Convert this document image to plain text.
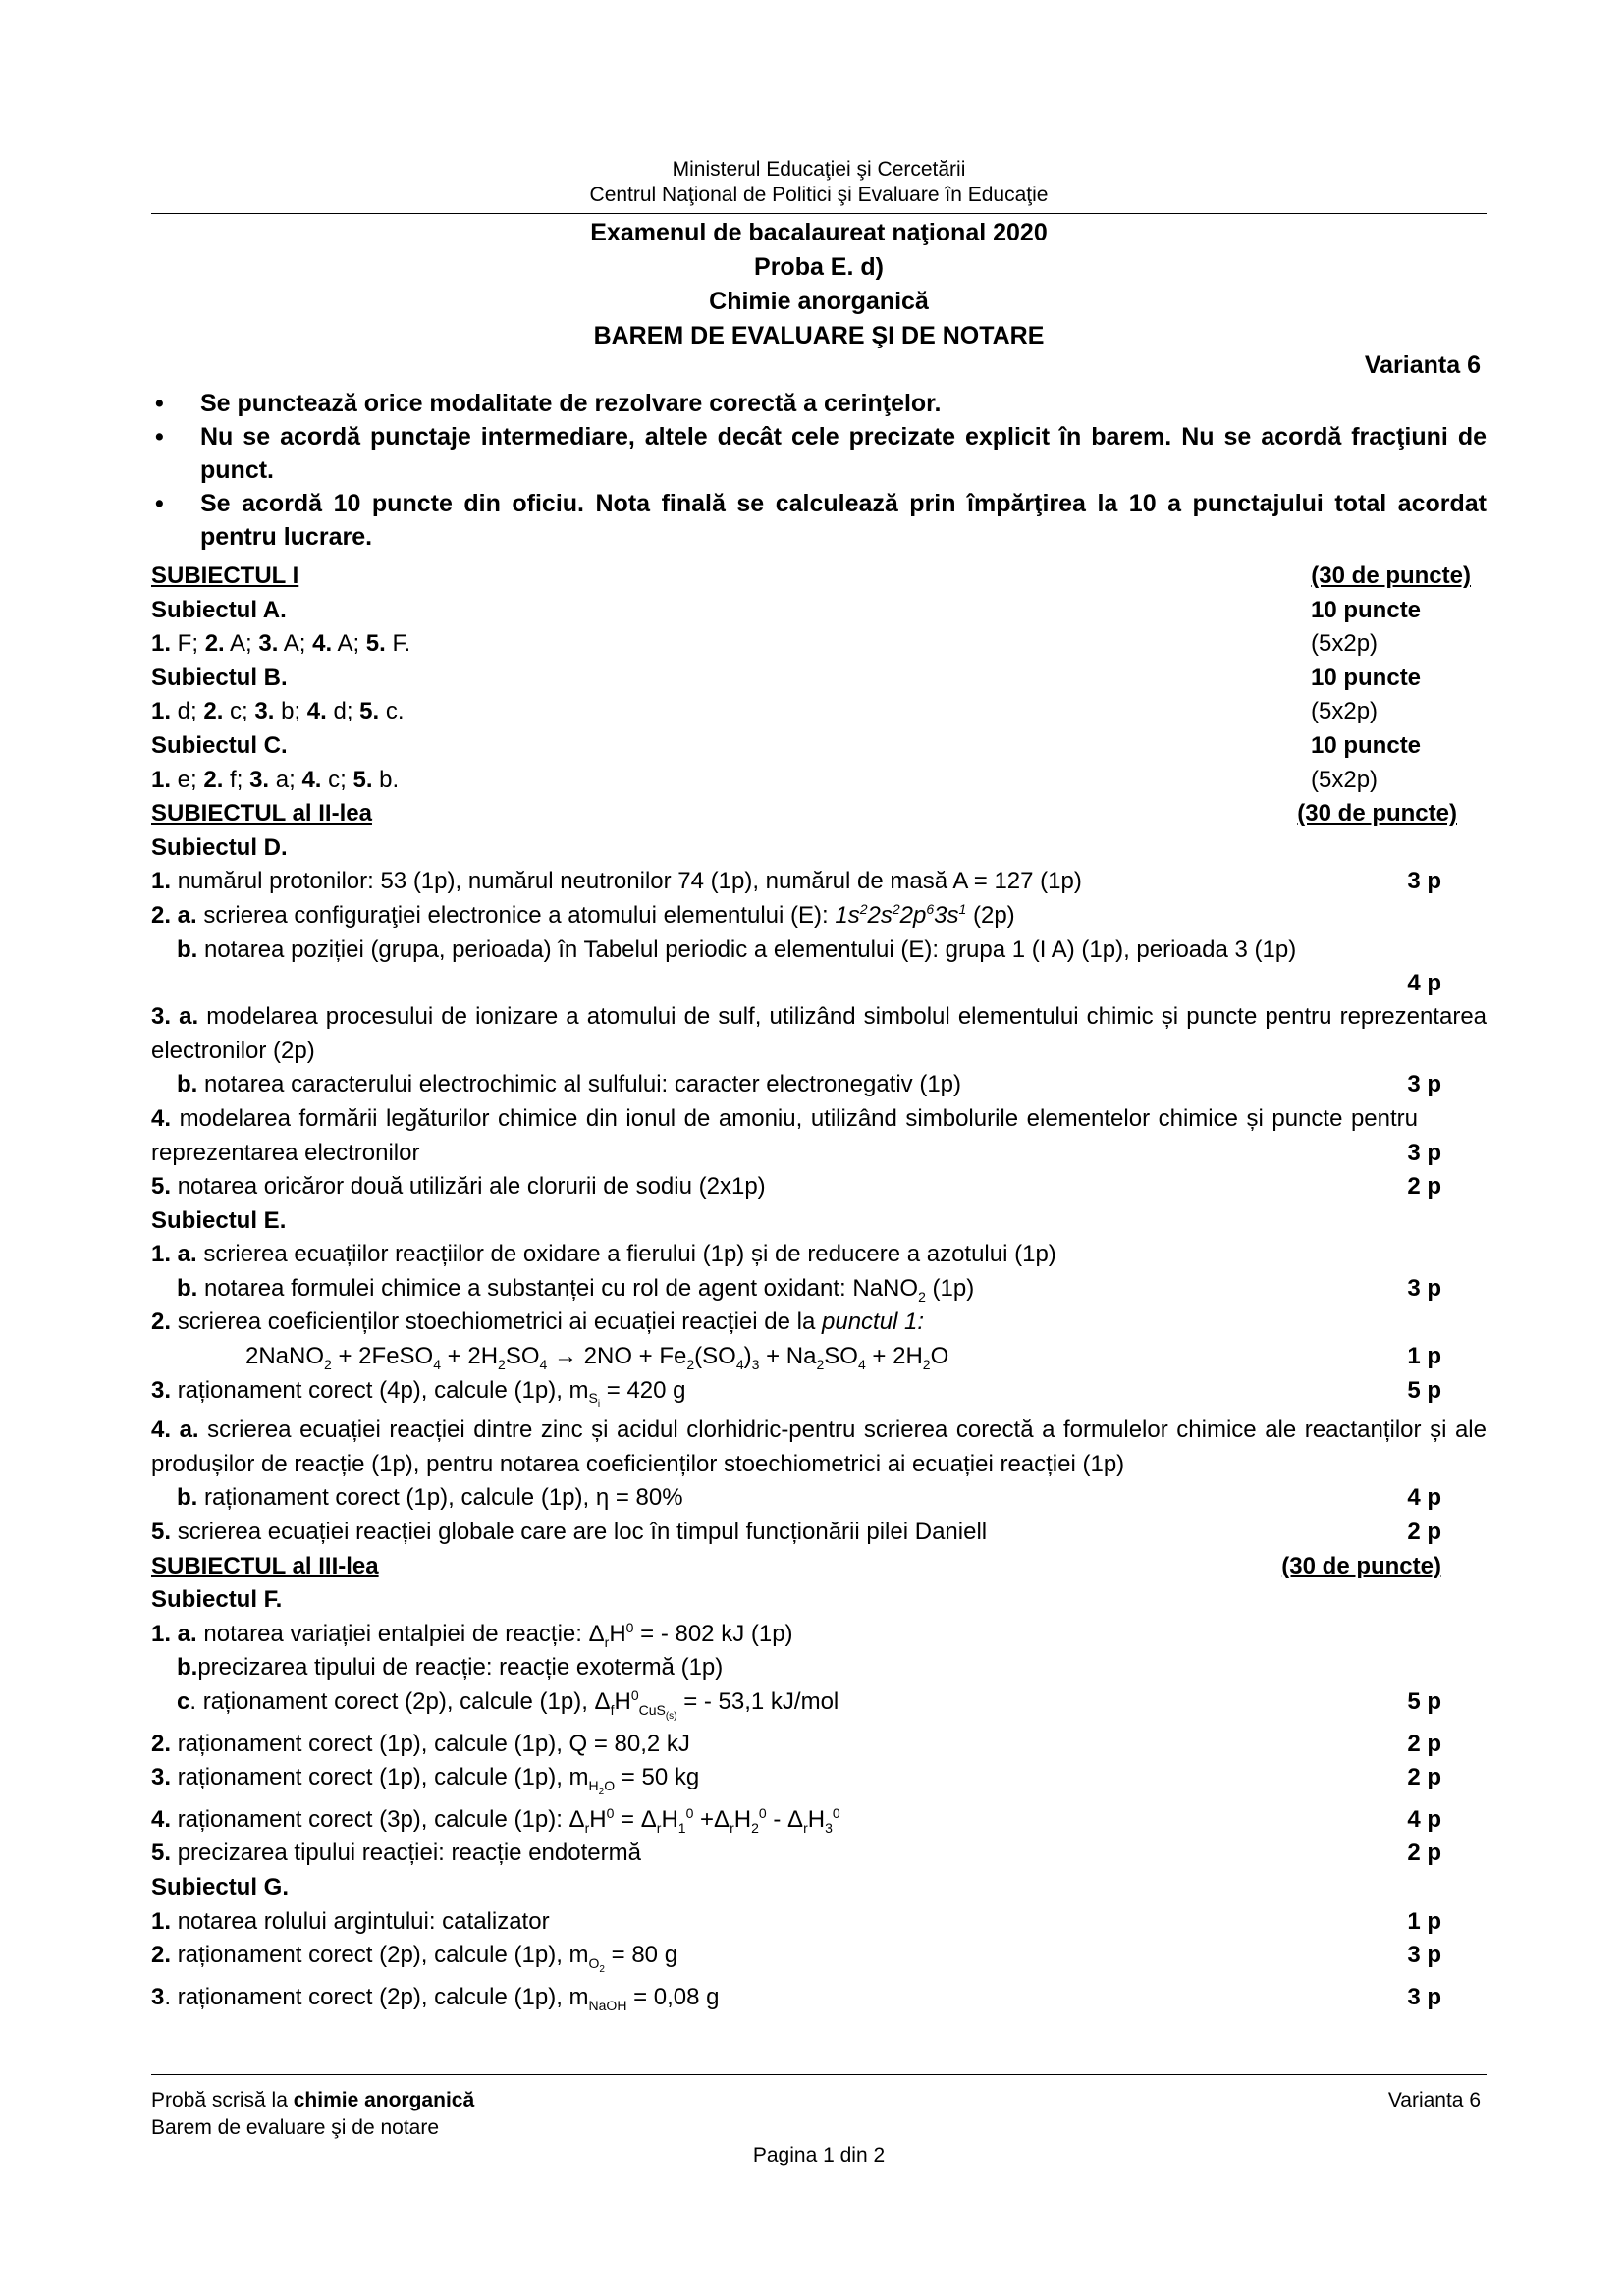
Ministerul Educaţiei şi Cercetării
Centrul Naţional de Politici şi Evaluare în Educaţie
Examenul de bacalaureat naţional 2020
Proba E. d)
Chimie anorganică
BAREM DE EVALUARE ŞI DE NOTARE
Varianta 6
• Se punctează orice modalitate de rezolvare corectă a cerinţelor.
• Nu se acordă punctaje intermediare, altele decât cele precizate explicit în barem. Nu se acordă fracţiuni de punct.
• Se acordă 10 puncte din oficiu. Nota finală se calculează prin împărţirea la 10 a punctajului total acordat pentru lucrare.
SUBIECTUL I	(30 de puncte)
Subiectul A.	10 puncte
1. F; 2. A; 3. A; 4. A; 5. F.	(5x2p)
Subiectul B.	10 puncte
1. d; 2. c; 3. b; 4. d; 5. c.	(5x2p)
Subiectul C.	10 puncte
1. e; 2. f; 3. a; 4. c; 5. b.	(5x2p)
SUBIECTUL al II-lea	(30 de puncte)
Subiectul D.
1. numărul protonilor: 53 (1p), numărul neutronilor 74 (1p), numărul de masă A = 127 (1p)	3 p
2. a. scrierea configuraţiei electronice a atomului elementului (E): $1s^22s^22p^63s^1$ (2p)
b. notarea poziției (grupa, perioada) în Tabelul periodic a elementului (E): grupa 1 (I A) (1p), perioada 3 (1p)
4 p
3. a. modelarea procesului de ionizare a atomului de sulf, utilizând simbolul elementului chimic și puncte pentru reprezentarea electronilor (2p)
b. notarea caracterului electrochimic al sulfului: caracter electronegativ (1p)	3 p
4. modelarea formării legăturilor chimice din ionul de amoniu, utilizând simbolurile elementelor chimice și puncte pentru reprezentarea electronilor	3 p
5. notarea oricăror două utilizări ale clorurii de sodiu (2x1p)	2 p
Subiectul E.
1. a. scrierea ecuațiilor reacțiilor de oxidare a fierului (1p) și de reducere a azotului (1p)
b. notarea formulei chimice a substanței cu rol de agent oxidant: NaNO$_2$ (1p)	3 p
2. scrierea coeficienților stoechiometrici ai ecuației reacției de la punctul 1:
2NaNO$_2$ + 2FeSO$_4$ + $2H_2SO_4 \to 2NO + Fe_2(SO_4)_3 + Na_2SO_4 + 2H_2O$	1 p
3. raționament corect (4p), calcule (1p), $m_{S_i} = 420$ g	5 p
4. a. scrierea ecuației reacției dintre zinc și acidul clorhidric-pentru scrierea corectă a formulelor chimice ale reactanților și ale produșilor de reacție (1p), pentru notarea coeficienților stoechiometrici ai ecuației reacției (1p)
b. raționament corect (1p), calcule (1p), η = 80%	4 p
5. scrierea ecuației reacției globale care are loc în timpul funcționării pilei Daniell	2 p
SUBIECTUL al III-lea	(30 de puncte)
Subiectul F.
1. a. notarea variației entalpiei de reacție: $\Delta_rH^0$ = - 802 kJ (1p)
b.precizarea tipului de reacție: reacție exotermă (1p)
c. raționament corect (2p), calcule (1p), $\Delta_fH^0_{CuS_{(s)}}$ = - 53,1 kJ/mol	5 p
2. raționament corect (1p), calcule (1p), Q = 80,2 kJ	2 p
3. raționament corect (1p), calcule (1p), $m_{H_2O} = 50$ kg	2 p
4. raționament corect (3p), calcule (1p): $\Delta_rH^0 = \Delta_rH_1^0 +\Delta_rH_2^0 - \Delta_rH_3^0$	4 p
5. precizarea tipului reacției: reacție endotermă	2 p
Subiectul G.
1. notarea rolului argintului: catalizator	1 p
2. raționament corect (2p), calcule (1p), $m_{O_2} = 80$ g	3 p
3. raționament corect (2p), calcule (1p), $m_{NaOH} = 0,08$ g	3 p
Probă scrisă la chimie anorganică
Barem de evaluare şi de notare
Varianta 6
Pagina 1 din 2
